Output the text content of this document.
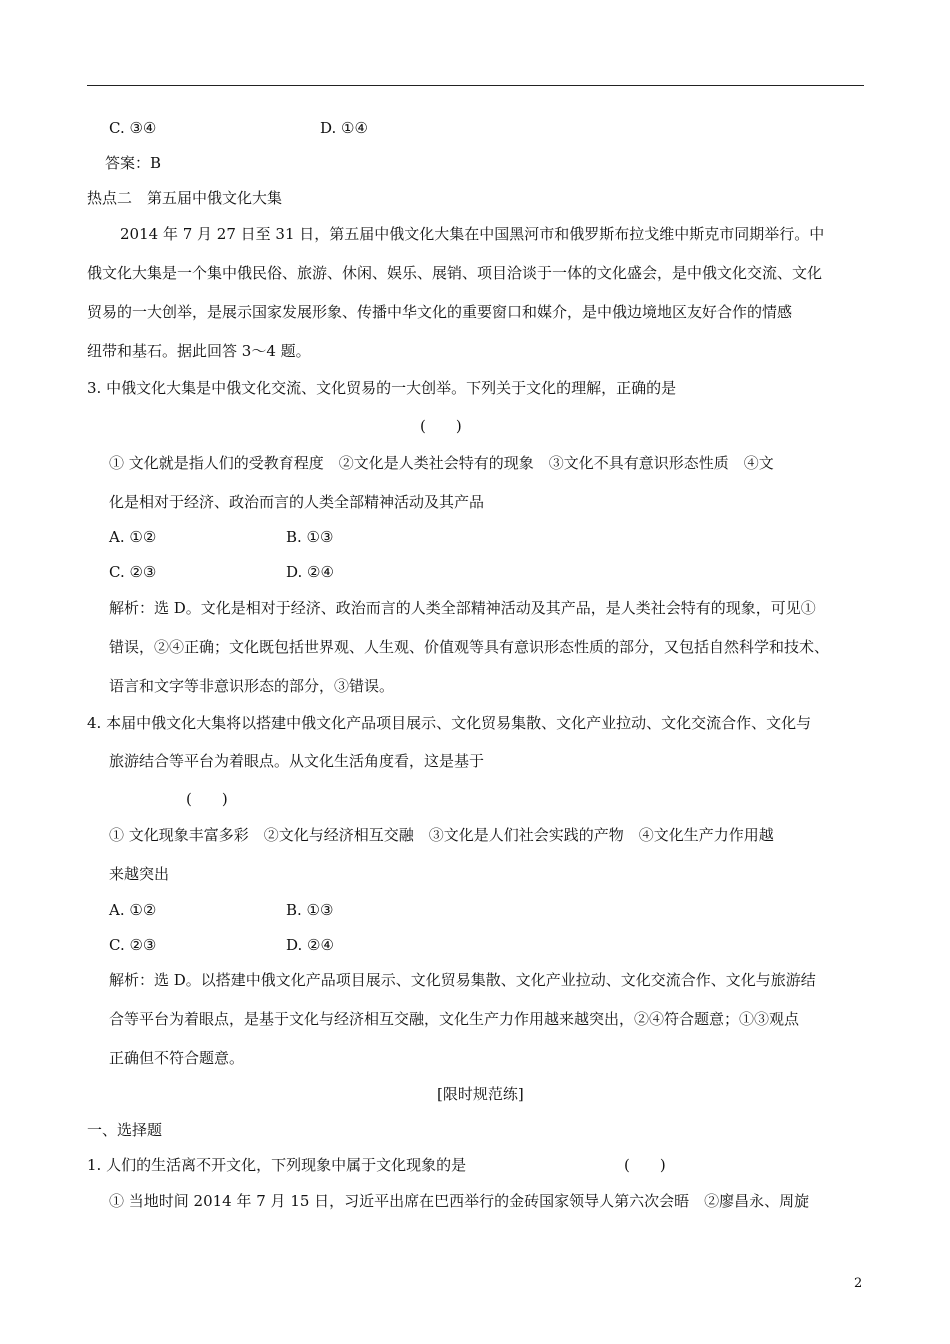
C. ③④	D. ①④
答案：B
热点二　第五届中俄文化大集
2014 年 7 月 27 日至 31 日，第五届中俄文化大集在中国黑河市和俄罗斯布拉戈维中斯克市同期举行。中
俄文化大集是一个集中俄民俗、旅游、休闲、娱乐、展销、项目洽谈于一体的文化盛会，是中俄文化交流、文化
贸易的一大创举，是展示国家发展形象、传播中华文化的重要窗口和媒介，是中俄边境地区友好合作的情感
纽带和基石。据此回答 3～4 题。
3. 中俄文化大集是中俄文化交流、文化贸易的一大创举。下列关于文化的理解，正确的是
(　　)
① 文化就是指人们的受教育程度　②文化是人类社会特有的现象　③文化不具有意识形态性质　④文
化是相对于经济、政治而言的人类全部精神活动及其产品
A. ①②	B. ①③
C. ②③	D. ②④
解析：选 D。文化是相对于经济、政治而言的人类全部精神活动及其产品，是人类社会特有的现象，可见①
错误，②④正确；文化既包括世界观、人生观、价值观等具有意识形态性质的部分，又包括自然科学和技术、
语言和文字等非意识形态的部分，③错误。
4. 本届中俄文化大集将以搭建中俄文化产品项目展示、文化贸易集散、文化产业拉动、文化交流合作、文化与
旅游结合等平台为着眼点。从文化生活角度看，这是基于
(　　)
① 文化现象丰富多彩　②文化与经济相互交融　③文化是人们社会实践的产物　④文化生产力作用越
来越突出
A. ①②	B. ①③
C. ②③	D. ②④
解析：选 D。以搭建中俄文化产品项目展示、文化贸易集散、文化产业拉动、文化交流合作、文化与旅游结
合等平台为着眼点，是基于文化与经济相互交融，文化生产力作用越来越突出，②④符合题意；①③观点
正确但不符合题意。
[限时规范练]
一、选择题
1. 人们的生活离不开文化，下列现象中属于文化现象的是	(　　)
① 当地时间 2014 年 7 月 15 日，习近平出席在巴西举行的金砖国家领导人第六次会晤　②廖昌永、周旋
2
